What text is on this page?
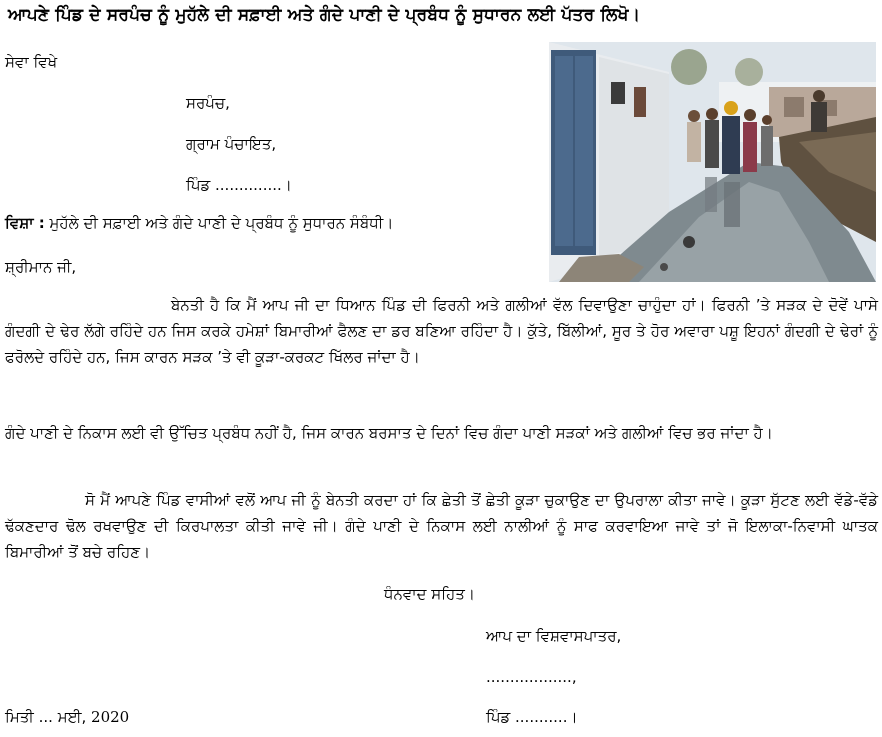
ਆਪਣੇ ਪਿੰਡ ਦੇ ਸਰਪੰਚ ਨੂੰ ਮੁਹੱਲੇ ਦੀ ਸਫ਼ਾਈ ਅਤੇ ਗੰਦੇ ਪਾਣੀ ਦੇ ਪ੍ਰਬੰਧ ਨੂੰ ਸੁਧਾਰਨ ਲਈ ਪੱਤਰ ਲਿਖੋ।
ਸੇਵਾ ਵਿਖੇ
ਸਰਪੰਚ,
ਗ੍ਰਾਮ ਪੰਚਾਇਤ,
ਪਿੰਡ ..............।
ਵਿਸ਼ਾ : ਮੁਹੱਲੇ ਦੀ ਸਫ਼ਾਈ ਅਤੇ ਗੰਦੇ ਪਾਣੀ ਦੇ ਪ੍ਰਬੰਧ ਨੂੰ ਸੁਧਾਰਨ ਸੰਬੰਧੀ।
ਸ਼੍ਰੀਮਾਨ ਜੀ,
ਬੇਨਤੀ ਹੈ ਕਿ ਮੈਂ ਆਪ ਜੀ ਦਾ ਧਿਆਨ ਪਿੰਡ ਦੀ ਫਿਰਨੀ ਅਤੇ ਗਲੀਆਂ ਵੱਲ ਦਿਵਾਉਣਾ ਚਾਹੁੰਦਾ ਹਾਂ। ਫਿਰਨੀ ’ਤੇ ਸੜਕ ਦੇ ਦੋਵੇਂ ਪਾਸੇ ਗੰਦਗੀ ਦੇ ਢੇਰ ਲੱਗੇ ਰਹਿੰਦੇ ਹਨ ਜਿਸ ਕਰਕੇ ਹਮੇਸ਼ਾਂ ਬਿਮਾਰੀਆਂ ਫੈਲਣ ਦਾ ਡਰ ਬਣਿਆ ਰਹਿੰਦਾ ਹੈ। ਕੁੱਤੇ, ਬਿੱਲੀਆਂ, ਸੂਰ ਤੇ ਹੋਰ ਅਵਾਰਾ ਪਸ਼ੂ ਇਹਨਾਂ ਗੰਦਗੀ ਦੇ ਢੇਰਾਂ ਨੂੰ ਫਰੋਲਦੇ ਰਹਿੰਦੇ ਹਨ, ਜਿਸ ਕਾਰਨ ਸੜਕ ’ਤੇ ਵੀ ਕੂੜਾ-ਕਰਕਟ ਖਿੱਲਰ ਜਾਂਦਾ ਹੈ।
ਗੰਦੇ ਪਾਣੀ ਦੇ ਨਿਕਾਸ ਲਈ ਵੀ ਉੱਚਿਤ ਪ੍ਰਬੰਧ ਨਹੀਂ ਹੈ, ਜਿਸ ਕਾਰਨ ਬਰਸਾਤ ਦੇ ਦਿਨਾਂ ਵਿਚ ਗੰਦਾ ਪਾਣੀ ਸੜਕਾਂ ਅਤੇ ਗਲੀਆਂ ਵਿਚ ਭਰ ਜਾਂਦਾ ਹੈ।
ਸੋ ਮੈਂ ਆਪਣੇ ਪਿੰਡ ਵਾਸੀਆਂ ਵਲੋਂ ਆਪ ਜੀ ਨੂੰ ਬੇਨਤੀ ਕਰਦਾ ਹਾਂ ਕਿ ਛੇਤੀ ਤੋਂ ਛੇਤੀ ਕੂੜਾ ਚੁਕਾਉਣ ਦਾ ਉਪਰਾਲਾ ਕੀਤਾ ਜਾਵੇ। ਕੂੜਾ ਸੁੱਟਣ ਲਈ ਵੱਡੇ-ਵੱਡੇ ਢੱਕਣਦਾਰ ਢੋਲ ਰਖਵਾਉਣ ਦੀ ਕਿਰਪਾਲਤਾ ਕੀਤੀ ਜਾਵੇ ਜੀ। ਗੰਦੇ ਪਾਣੀ ਦੇ ਨਿਕਾਸ ਲਈ ਨਾਲੀਆਂ ਨੂੰ ਸਾਫ ਕਰਵਾਇਆ ਜਾਵੇ ਤਾਂ ਜੋ ਇਲਾਕਾ-ਨਿਵਾਸੀ ਘਾਤਕ ਬਿਮਾਰੀਆਂ ਤੋਂ ਬਚੇ ਰਹਿਣ।
ਧੰਨਵਾਦ ਸਹਿਤ।
ਆਪ ਦਾ ਵਿਸ਼ਵਾਸਪਾਤਰ,
..................,
ਪਿੰਡ ...........।
ਮਿਤੀ ... ਮਈ, 2020
